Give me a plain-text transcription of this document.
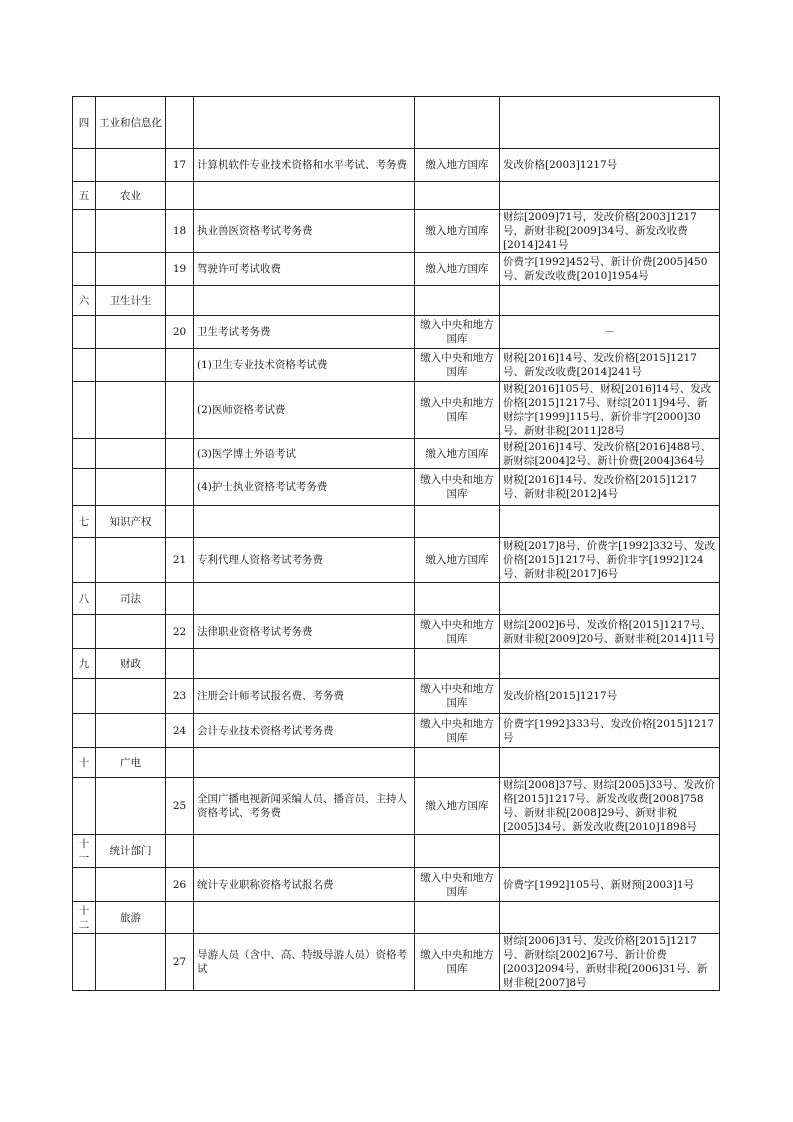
四	工业和信息化				
		17	计算机软件专业技术资格和水平考试、考务费	缴入地方国库	发改价格[2003]1217号
五	农业				
		18	执业兽医资格考试考务费	缴入地方国库	财综[2009]71号，发改价格[2003]1217号，新财非税[2009]34号、新发改收费[2014]241号
		19	驾驶许可考试收费	缴入地方国库	价费字[1992]452号、新计价费[2005]450号、新发改收费[2010]1954号
六	卫生计生				
		20	卫生考试考务费	缴入中央和地方国库	－
			(1)卫生专业技术资格考试费	缴入中央和地方国库	财税[2016]14号、发改价格[2015]1217号、新发改收费[2014]241号
			(2)医师资格考试费	缴入中央和地方国库	财税[2016]105号、财税[2016]14号、发改价格[2015]1217号、财综[2011]94号、新财综字[1999]115号、新价非字[2000]30号、新财非税[2011]28号
			(3)医学博士外语考试	缴入地方国库	财税[2016]14号、发改价格[2016]488号、新财综[2004]2号、新计价费[2004]364号
			(4)护士执业资格考试考务费	缴入中央和地方国库	财税[2016]14号、发改价格[2015]1217号、新财非税[2012]4号
七	知识产权				
		21	专利代理人资格考试考务费	缴入地方国库	财税[2017]8号、价费字[1992]332号、发改价格[2015]1217号、新价非字[1992]124号、新财非税[2017]6号
八	司法				
		22	法律职业资格考试考务费	缴入中央和地方国库	财综[2002]6号、发改价格[2015]1217号、新财非税[2009]20号、新财非税[2014]11号
九	财政				
		23	注册会计师考试报名费、考务费	缴入中央和地方国库	发改价格[2015]1217号
		24	会计专业技术资格考试考务费	缴入中央和地方国库	价费字[1992]333号、发改价格[2015]1217号
十	广电				
		25	全国广播电视新闻采编人员、播音员、主持人资格考试、考务费	缴入地方国库	财综[2008]37号、财综[2005]33号、发改价格[2015]1217号、新发改收费[2008]758号、新财非税[2008]29号、新财非税[2005]34号、新发改收费[2010]1898号
十一	统计部门				
		26	统计专业职称资格考试报名费	缴入中央和地方国库	价费字[1992]105号、新财预[2003]1号
十二	旅游				
		27	导游人员（含中、高、特级导游人员）资格考试	缴入中央和地方国库	财综[2006]31号、发改价格[2015]1217号、新财综[2002]67号、新计价费[2003]2094号、新财非税[2006]31号、新财非税[2007]8号
